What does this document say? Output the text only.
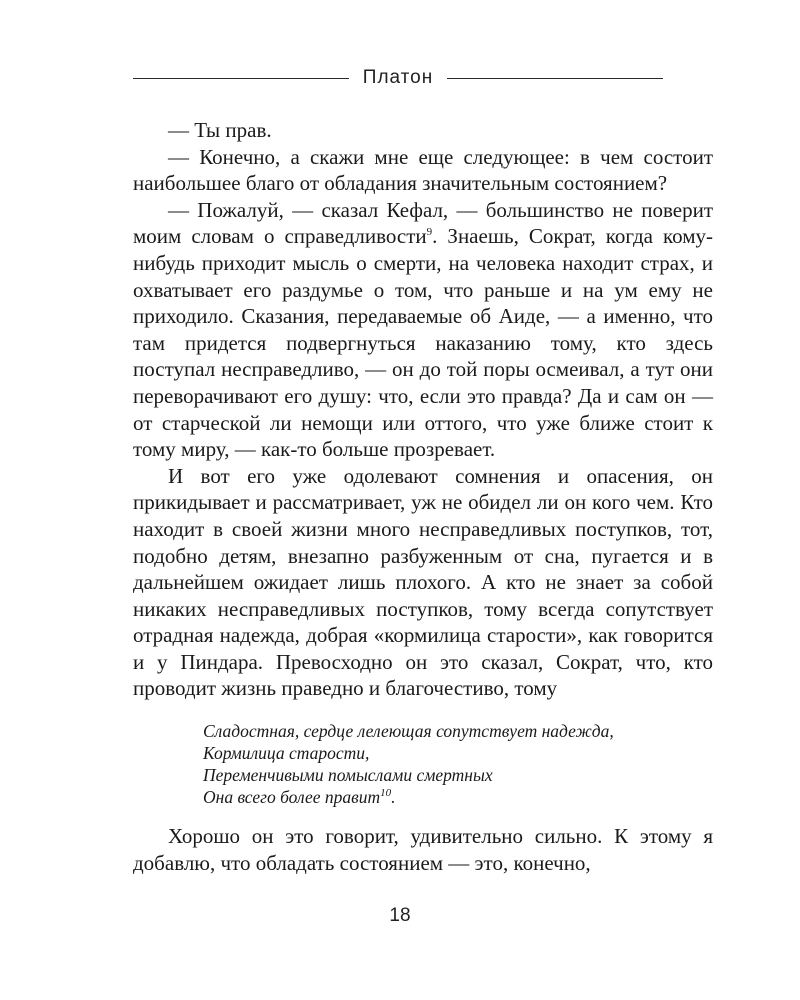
Платон

— Ты прав.

— Конечно, а скажи мне еще следующее: в чем состоит наибольшее благо от обладания значительным состоянием?

— Пожалуй, — сказал Кефал, — большинство не поверит моим словам о справедливости$^9$. Знаешь, Сократ, когда кому-нибудь приходит мысль о смерти, на человека находит страх, и охватывает его раздумье о том, что раньше и на ум ему не приходило. Сказания, передаваемые об Аиде, — а именно, что там придется подвергнуться наказанию тому, кто здесь поступал несправедливо, — он до той поры осмеивал, а тут они переворачивают его душу: что, если это правда? Да и сам он — от старческой ли немощи или оттого, что уже ближе стоит к тому миру, — как-то больше прозревает.

И вот его уже одолевают сомнения и опасения, он прикидывает и рассматривает, уж не обидел ли он кого чем. Кто находит в своей жизни много несправедливых поступков, тот, подобно детям, внезапно разбуженным от сна, пугается и в дальнейшем ожидает лишь плохого. А кто не знает за собой никаких несправедливых поступков, тому всегда сопутствует отрадная надежда, добрая «кормилица старости», как говорится и у Пиндара. Превосходно он это сказал, Сократ, что, кто проводит жизнь праведно и благочестиво, тому

Сладостная, сердце лелеющая сопутствует надежда,
Кормилица старости,
Переменчивыми помыслами смертных
Она всего более правит$^{10}$.

Хорошо он это говорит, удивительно сильно. К этому я добавлю, что обладать состоянием — это, конечно,

18
